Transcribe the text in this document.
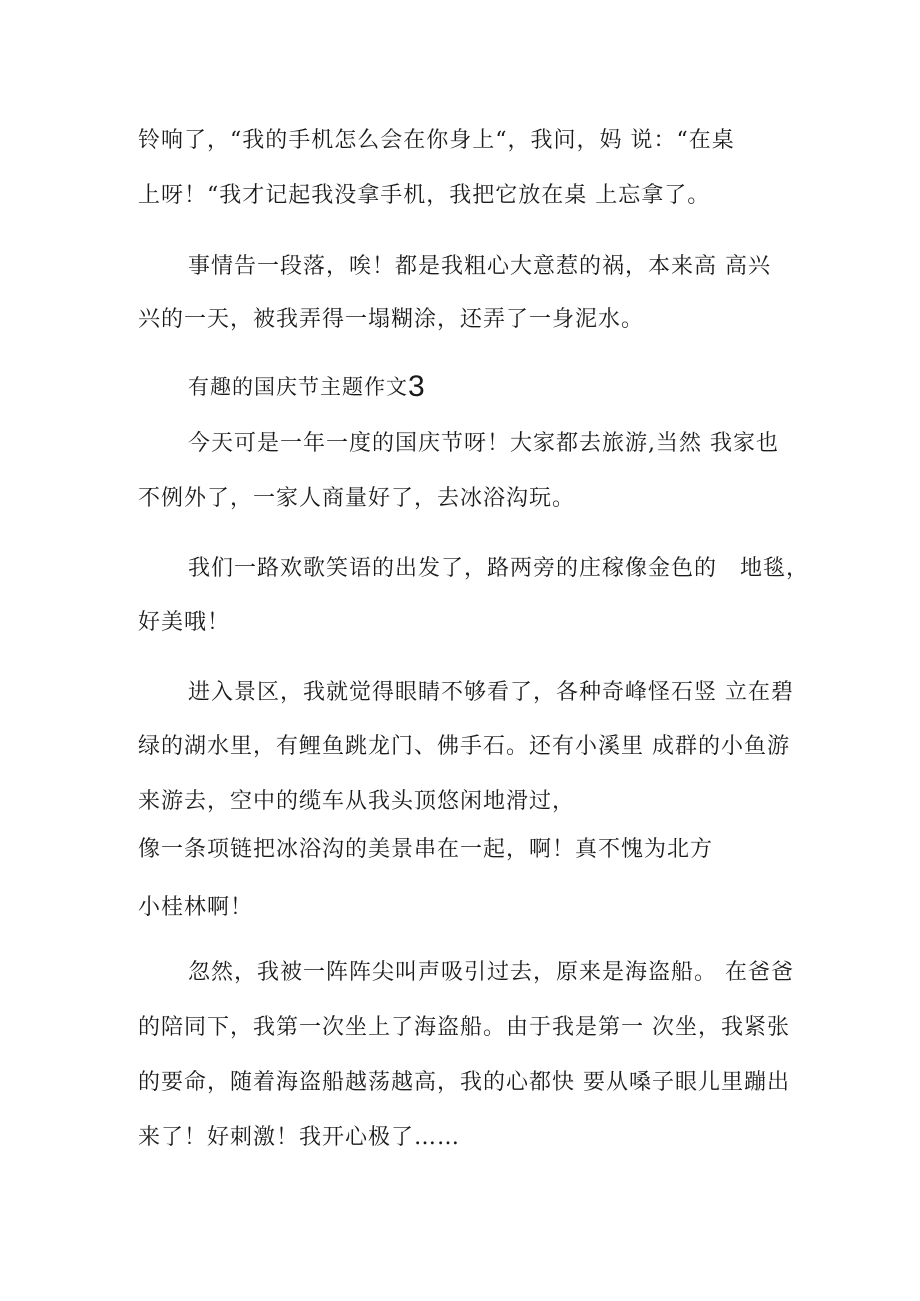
铃响了，“我的手机怎么会在你身上“，我问，妈 说：“在桌
上呀！“我才记起我没拿手机，我把它放在桌 上忘拿了。
事情告一段落，唉！都是我粗心大意惹的祸，本来高 高兴
兴的一天，被我弄得一塌糊涂，还弄了一身泥水。
有趣的国庆节主题作文3
今天可是一年一度的国庆节呀！大家都去旅游,当然 我家也
不例外了，一家人商量好了，去冰浴沟玩。
我们一路欢歌笑语的出发了，路两旁的庄稼像金色的　地毯，
好美哦！
进入景区，我就觉得眼睛不够看了，各种奇峰怪石竖 立在碧
绿的湖水里，有鲤鱼跳龙门、佛手石。还有小溪里 成群的小鱼游
来游去，空中的缆车从我头顶悠闲地滑过，
像一条项链把冰浴沟的美景串在一起，啊！真不愧为北方
小桂林啊！
忽然，我被一阵阵尖叫声吸引过去，原来是海盗船。 在爸爸
的陪同下，我第一次坐上了海盗船。由于我是第一 次坐，我紧张
的要命，随着海盗船越荡越高，我的心都快 要从嗓子眼儿里蹦出
来了！好刺激！我开心极了……
